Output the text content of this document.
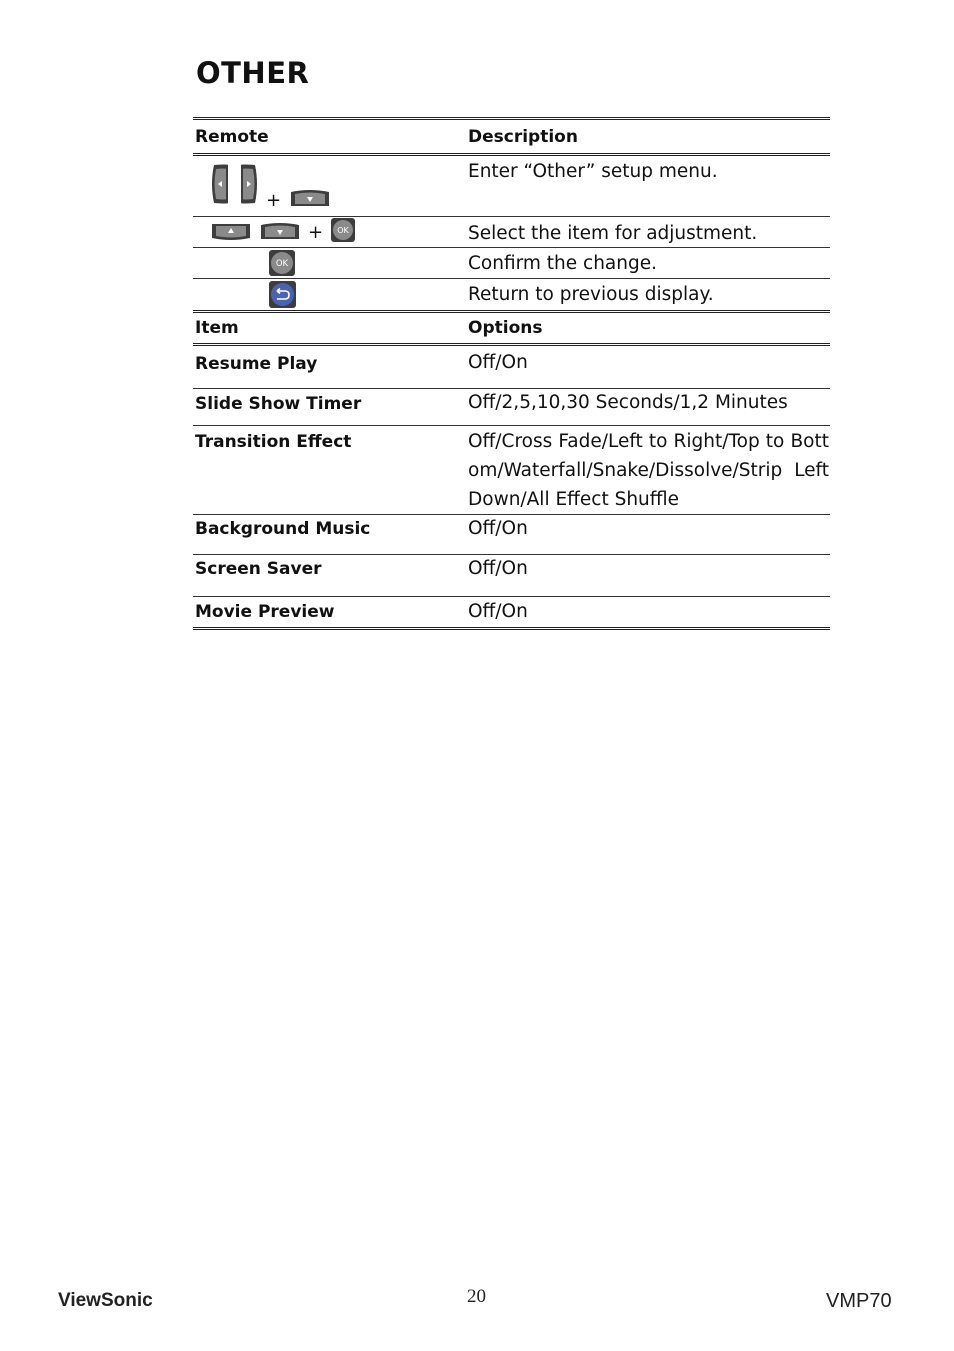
OTHER
Remote	Description

+	Enter “Other” setup menu.

+ OK	Select the item for adjustment.

OK	Confirm the change.

	Return to previous display.
Item	Options
Resume Play	Off/On
Slide Show Timer	Off/2,5,10,30 Seconds/1,2 Minutes
Transition Effect	Off/Cross Fade/Left to Right/Top to Bottom/Waterfall/Snake/Dissolve/Strip Left Down/All Effect Shuffle
Background Music	Off/On
Screen Saver	Off/On
Movie Preview	Off/On
ViewSonic	20	VMP70
